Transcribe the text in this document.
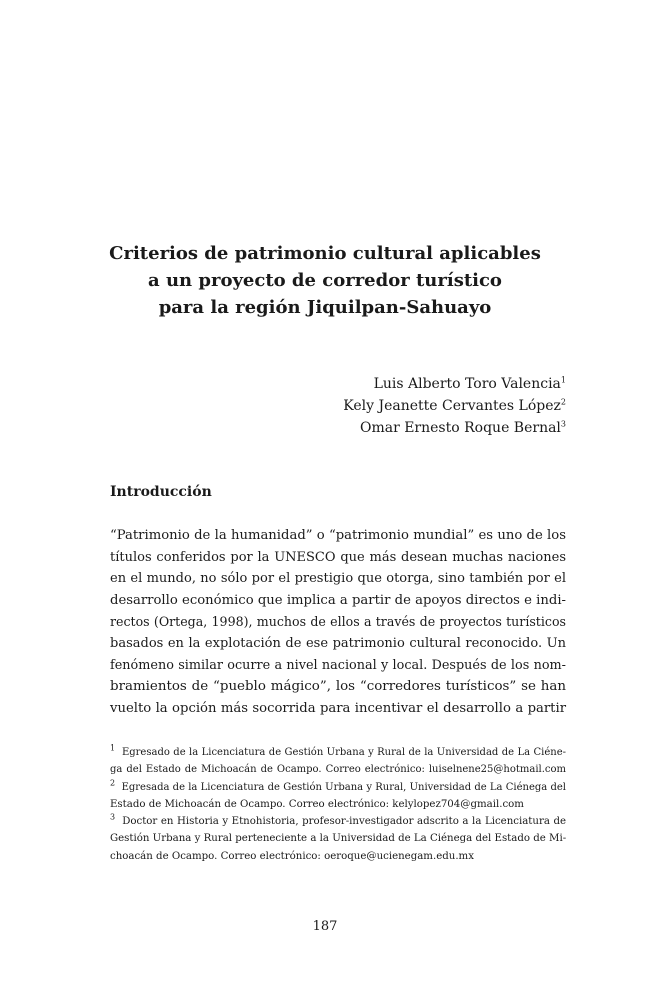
Criterios de patrimonio cultural aplicables
a un proyecto de corredor turístico
para la región Jiquilpan-Sahuayo
Luis Alberto Toro Valencia$^1$
Kely Jeanette Cervantes López$^2$
Omar Ernesto Roque Bernal$^3$
Introducción

“Patrimonio de la humanidad” o “patrimonio mundial” es uno de los
títulos conferidos por la UNESCO que más desean muchas naciones
en el mundo, no sólo por el prestigio que otorga, sino también por el
desarrollo económico que implica a partir de apoyos directos e indi-
rectos (Ortega, 1998), muchos de ellos a través de proyectos turísticos
basados en la explotación de ese patrimonio cultural reconocido. Un
fenómeno similar ocurre a nivel nacional y local. Después de los nom-
bramientos de “pueblo mágico”, los “corredores turísticos” se han
vuelto la opción más socorrida para incentivar el desarrollo a partir

$^1$ Egresado de la Licenciatura de Gestión Urbana y Rural de la Universidad de La Ciéne-
ga del Estado de Michoacán de Ocampo. Correo electrónico: luiselnene25@hotmail.com
$^2$ Egresada de la Licenciatura de Gestión Urbana y Rural, Universidad de La Ciénega del
Estado de Michoacán de Ocampo. Correo electrónico: kelylopez704@gmail.com
$^3$ Doctor en Historia y Etnohistoria, profesor-investigador adscrito a la Licenciatura de
Gestión Urbana y Rural perteneciente a la Universidad de La Ciénega del Estado de Mi-
choacán de Ocampo. Correo electrónico: oeroque@ucienegam.edu.mx
187
